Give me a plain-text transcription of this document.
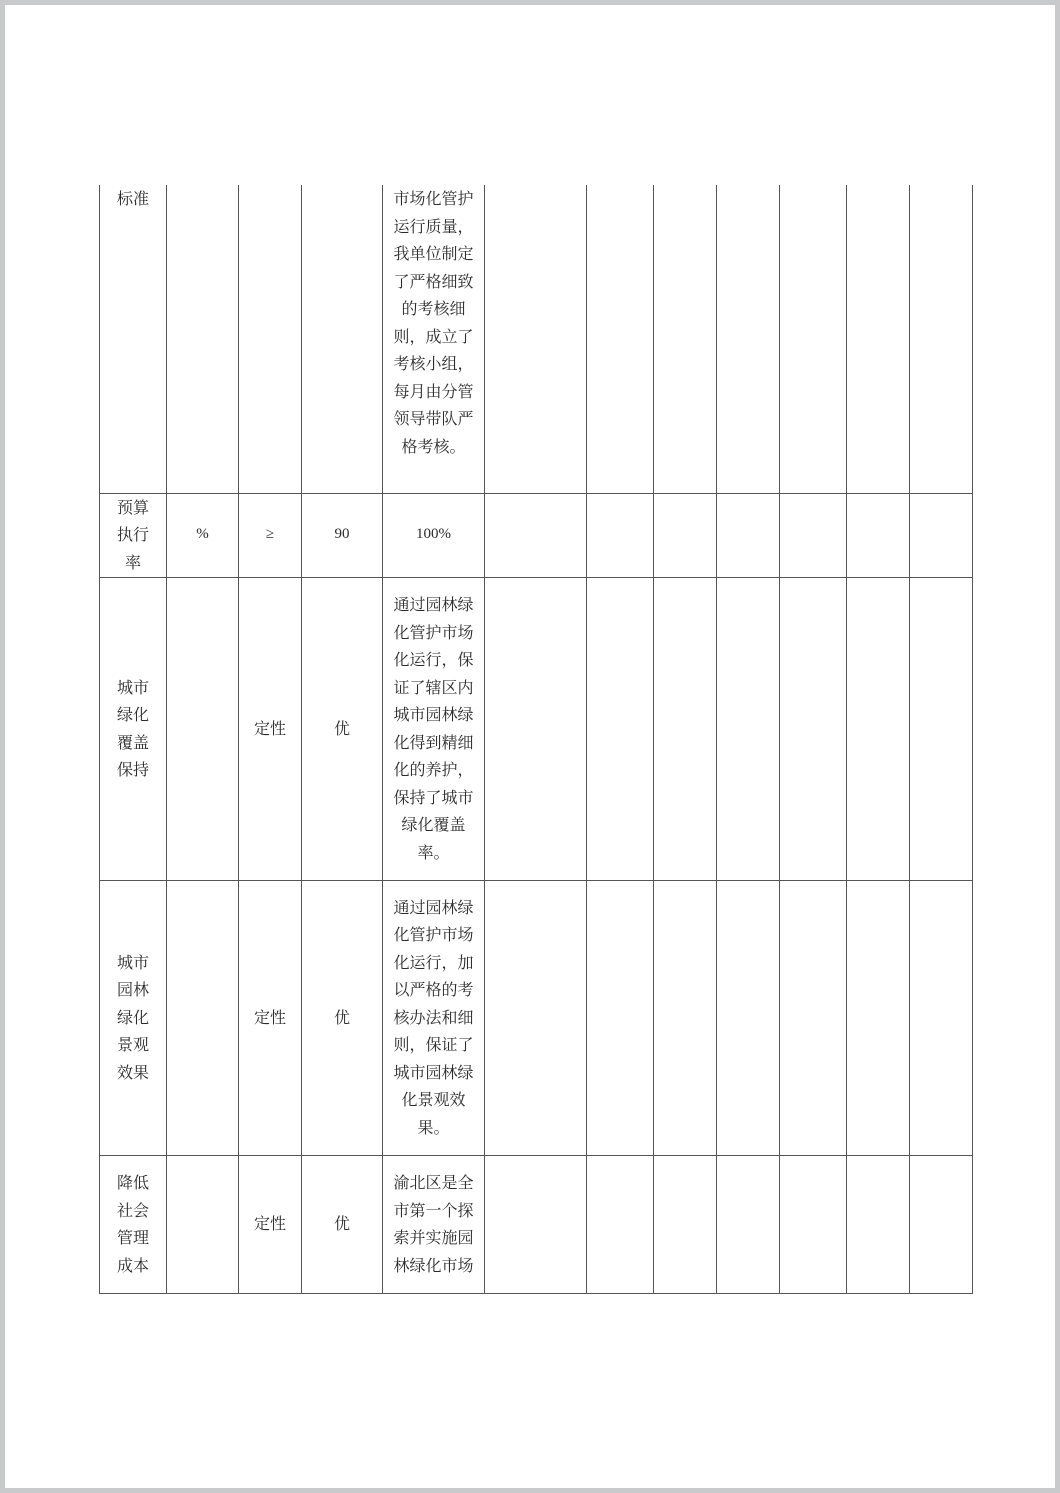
标准				市场化管护运行质量，我单位制定了严格细致的考核细则，成立了考核小组，每月由分管领导带队严格考核。							
预算执行率	%	≥	90	100%							
城市绿化覆盖保持		定性	优	通过园林绿化管护市场化运行，保证了辖区内城市园林绿化得到精细化的养护，保持了城市绿化覆盖率。							
城市园林绿化景观效果		定性	优	通过园林绿化管护市场化运行，加以严格的考核办法和细则，保证了城市园林绿化景观效果。							
降低社会管理成本		定性	优	渝北区是全市第一个探索并实施园林绿化市场							
